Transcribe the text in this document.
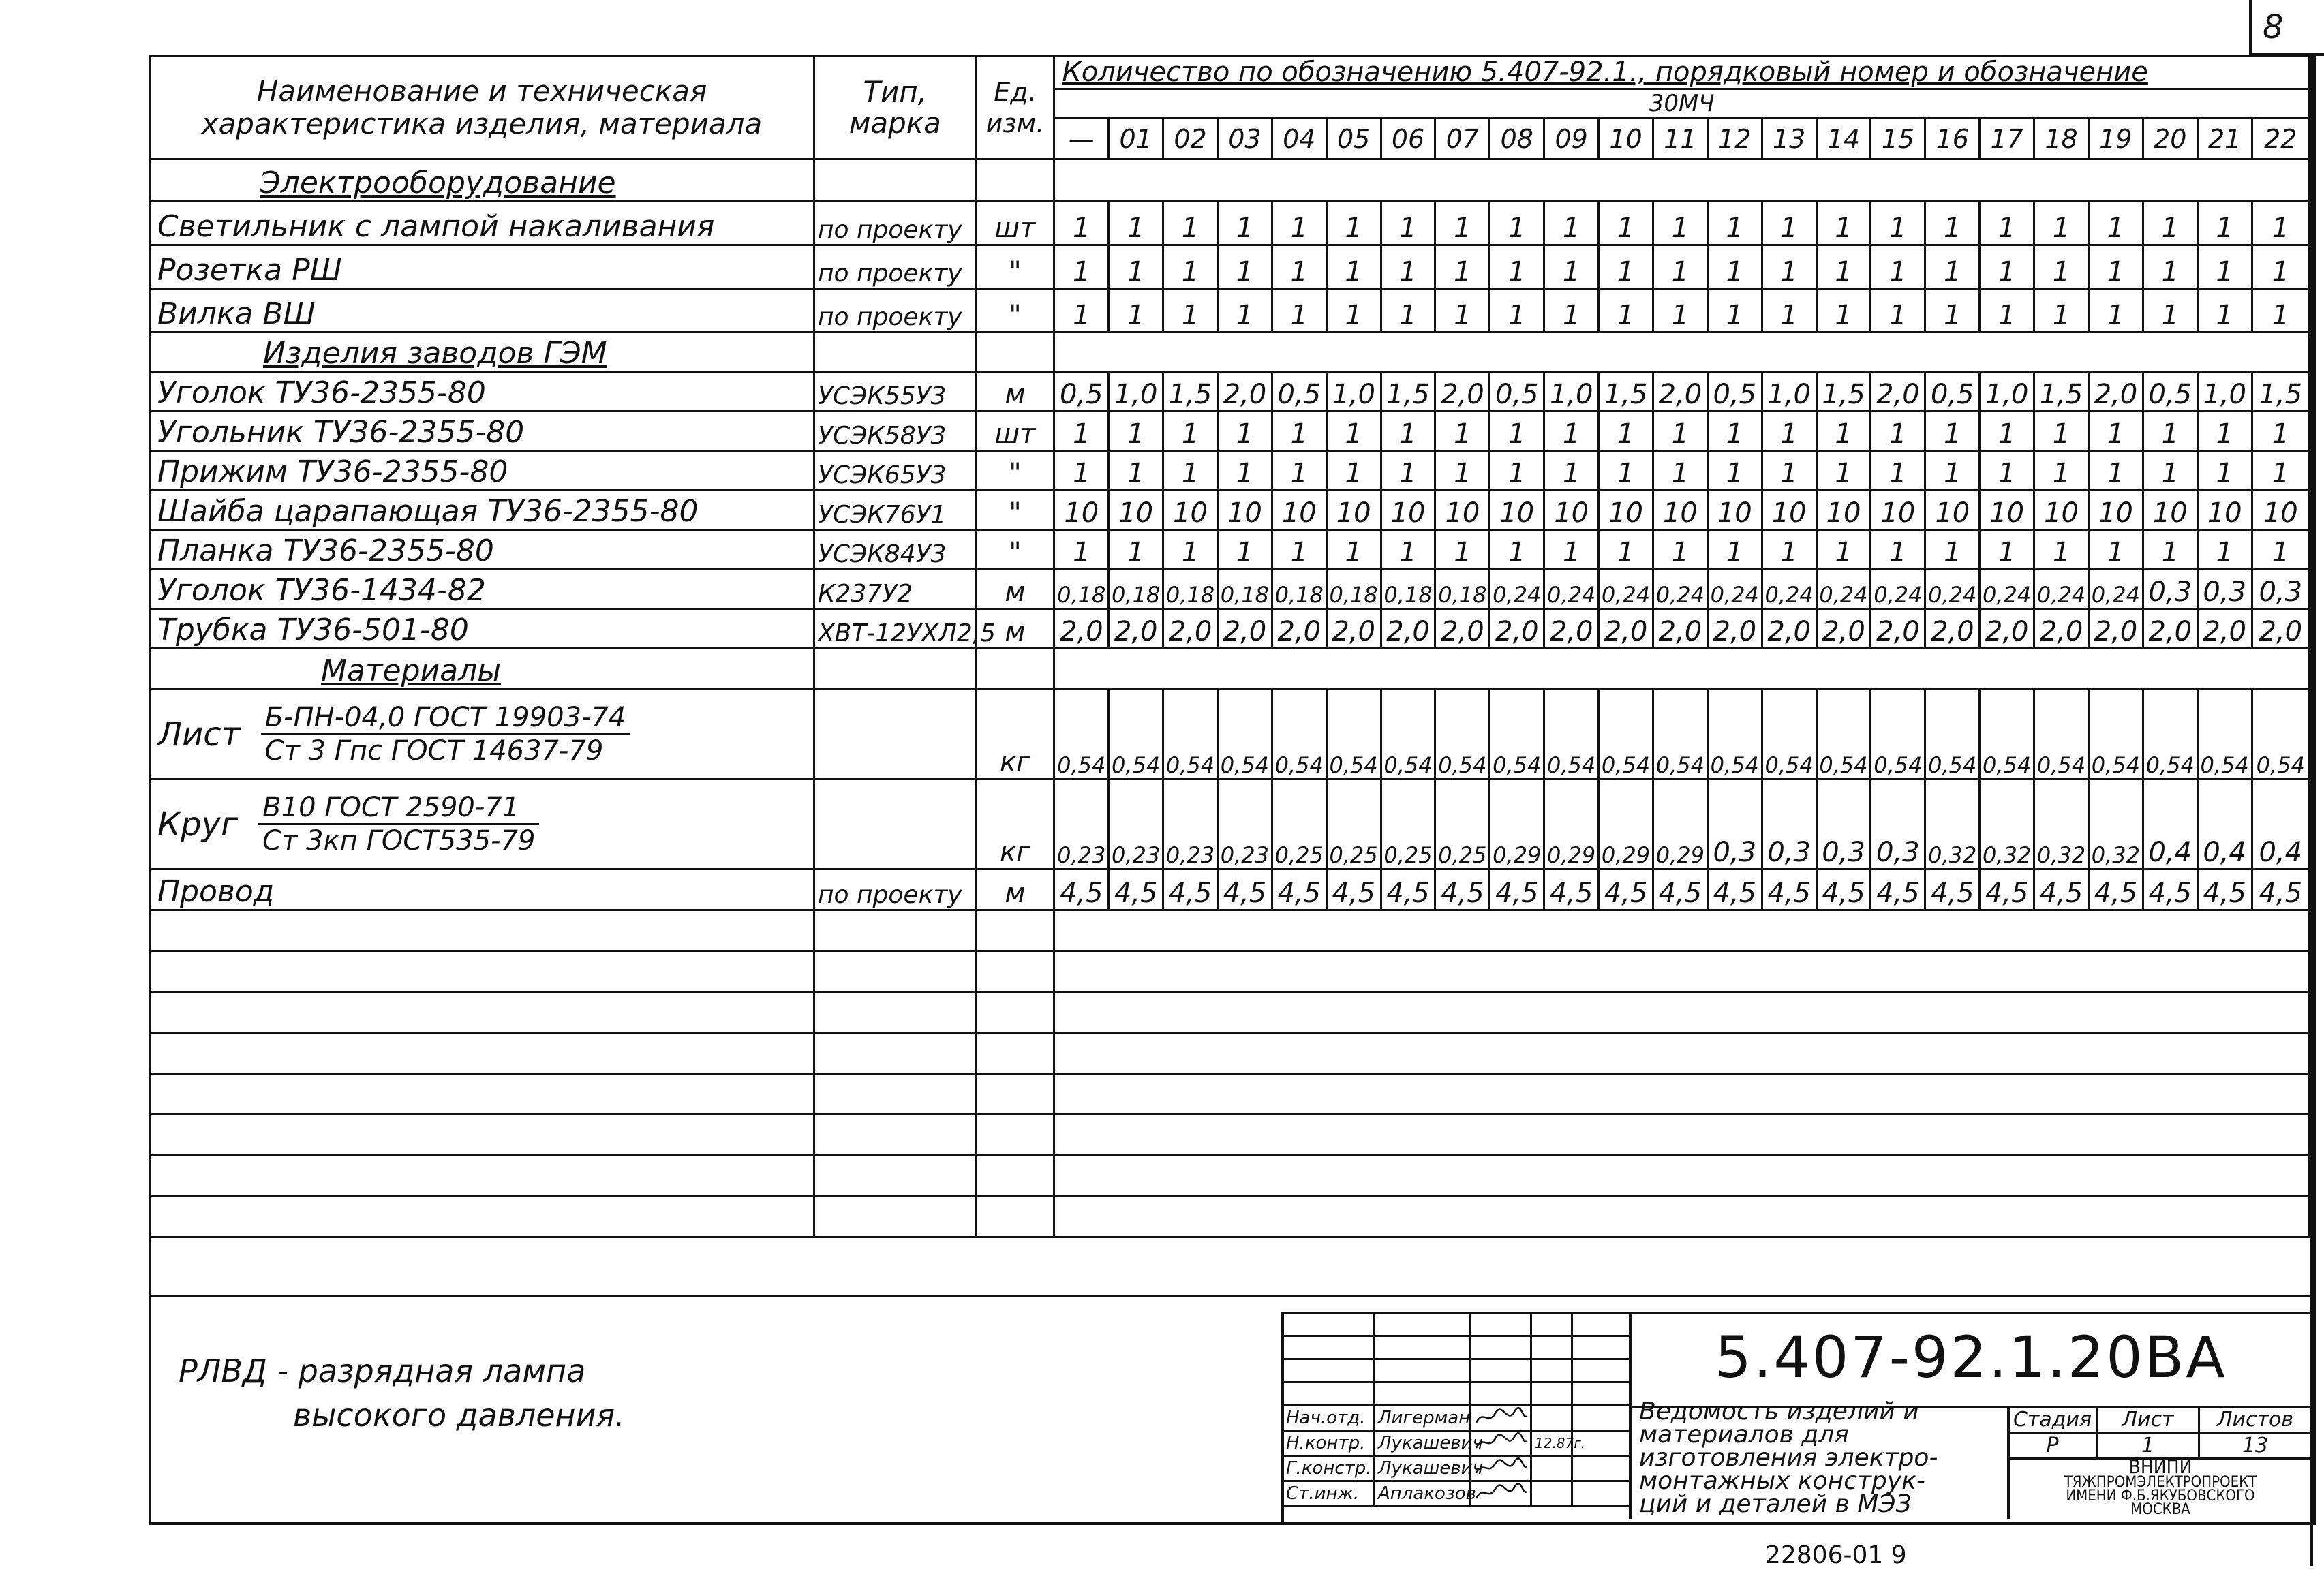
8
Наименование и техническая характеристика изделия, материала	Тип, марка	Ед. изм.	Количество по обозначению 5.407-92.1., порядковый номер и обозначение																						
			30МЧ																						
			—	01	02	03	04	05	06	07	08	09	10	11	12	13	14	15	16	17	18	19	20	21	22
Электрооборудование																									
Светильник с лампой накаливания	по проекту	шт	1	1	1	1	1	1	1	1	1	1	1	1	1	1	1	1	1	1	1	1	1	1	1
Розетка РШ	по проекту	"	1	1	1	1	1	1	1	1	1	1	1	1	1	1	1	1	1	1	1	1	1	1	1
Вилка ВШ	по проекту	"	1	1	1	1	1	1	1	1	1	1	1	1	1	1	1	1	1	1	1	1	1	1	1
Изделия заводов ГЭМ																									
Уголок ТУ36-2355-80	УСЭК55У3	м	0,5	1,0	1,5	2,0	0,5	1,0	1,5	2,0	0,5	1,0	1,5	2,0	0,5	1,0	1,5	2,0	0,5	1,0	1,5	2,0	0,5	1,0	1,5
Угольник ТУ36-2355-80	УСЭК58У3	шт	1	1	1	1	1	1	1	1	1	1	1	1	1	1	1	1	1	1	1	1	1	1	1
Прижим ТУ36-2355-80	УСЭК65У3	"	1	1	1	1	1	1	1	1	1	1	1	1	1	1	1	1	1	1	1	1	1	1	1
Шайба царапающая ТУ36-2355-80	УСЭК76У1	"	10	10	10	10	10	10	10	10	10	10	10	10	10	10	10	10	10	10	10	10	10	10	10
Планка ТУ36-2355-80	УСЭК84У3	"	1	1	1	1	1	1	1	1	1	1	1	1	1	1	1	1	1	1	1	1	1	1	1
Уголок ТУ36-1434-82	К237У2	м	0,18	0,18	0,18	0,18	0,18	0,18	0,18	0,18	0,24	0,24	0,24	0,24	0,24	0,24	0,24	0,24	0,24	0,24	0,24	0,24	0,3	0,3	0,3
Трубка ТУ36-501-80	ХВТ-12УХЛ2,5	м	2,0	2,0	2,0	2,0	2,0	2,0	2,0	2,0	2,0	2,0	2,0	2,0	2,0	2,0	2,0	2,0	2,0	2,0	2,0	2,0	2,0	2,0	2,0
Материалы																									
Лист $\frac{\text{Б-ПН-04,0 ГОСТ 19903-74}}{\text{Ст 3 Гпс ГОСТ 14637-79}}$		кг	0,54	0,54	0,54	0,54	0,54	0,54	0,54	0,54	0,54	0,54	0,54	0,54	0,54	0,54	0,54	0,54	0,54	0,54	0,54	0,54	0,54	0,54	0,54
Круг $\frac{\text{В10 ГОСТ 2590-71}}{\text{Ст 3кп ГОСТ535-79}}$		кг	0,23	0,23	0,23	0,23	0,25	0,25	0,25	0,25	0,29	0,29	0,29	0,29	0,3	0,3	0,3	0,3	0,32	0,32	0,32	0,32	0,4	0,4	0,4
Провод	по проекту	м	4,5	4,5	4,5	4,5	4,5	4,5	4,5	4,5	4,5	4,5	4,5	4,5	4,5	4,5	4,5	4,5	4,5	4,5	4,5	4,5	4,5	4,5	4,5

РЛВД - разрядная лампа
высокого давления.

					Нач.отд.	Лигерман			
Н.контр.	Лукашевич		12.87г.	
Г.констр.	Лукашевич			
Ст.инж.	Аплакозов			
5.407-92.1.20ВА
Ведомость изделий и
материалов для
изготовления электро-
монтажных конструк-
ций и деталей в МЭЗ
Стадия	Лист	Листов
Р	1	13
ВНИПИ
ТЯЖПРОМЭЛЕКТРОПРОЕКТ
ИМЕНИ Ф.Б.ЯКУБОВСКОГО
МОСКВА
22806-01 9
